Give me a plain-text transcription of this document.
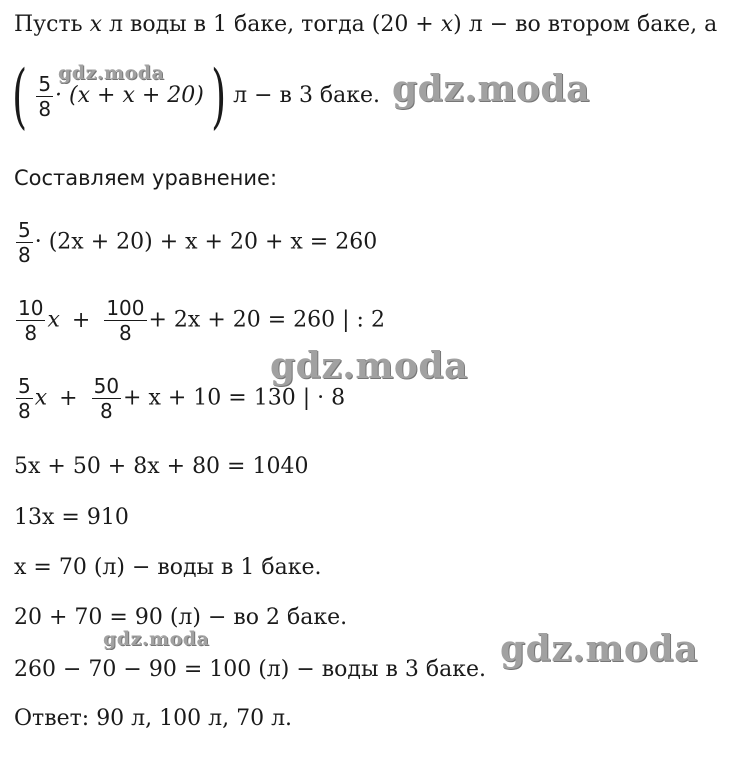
Пусть x л воды в 1 баке, тогда (20 + x) л − во втором баке, а
( $\frac{5}{8} \cdot (x + x + 20)$ ) л − в 3 баке.
Составляем уравнение:
$\frac{5}{8} \cdot (2x + 20) + x + 20 + x = 260$
$\frac{10}{8}$ $x + \frac{100}{8} + 2x + 20 = 260$ | : 2
$\frac{5}{8}$ $x + \frac{50}{8} + x + 10 = 130$ | · 8
5x + 50 + 8x + 80 = 1040
13x = 910
x = 70 (л) − воды в 1 баке.
20 + 70 = 90 (л) − во 2 баке.
260 − 70 − 90 = 100 (л) − воды в 3 баке.
Ответ: 90 л, 100 л, 70 л.
gdz.moda
gdz.moda
gdz.moda
gdz.moda	gdz.moda
